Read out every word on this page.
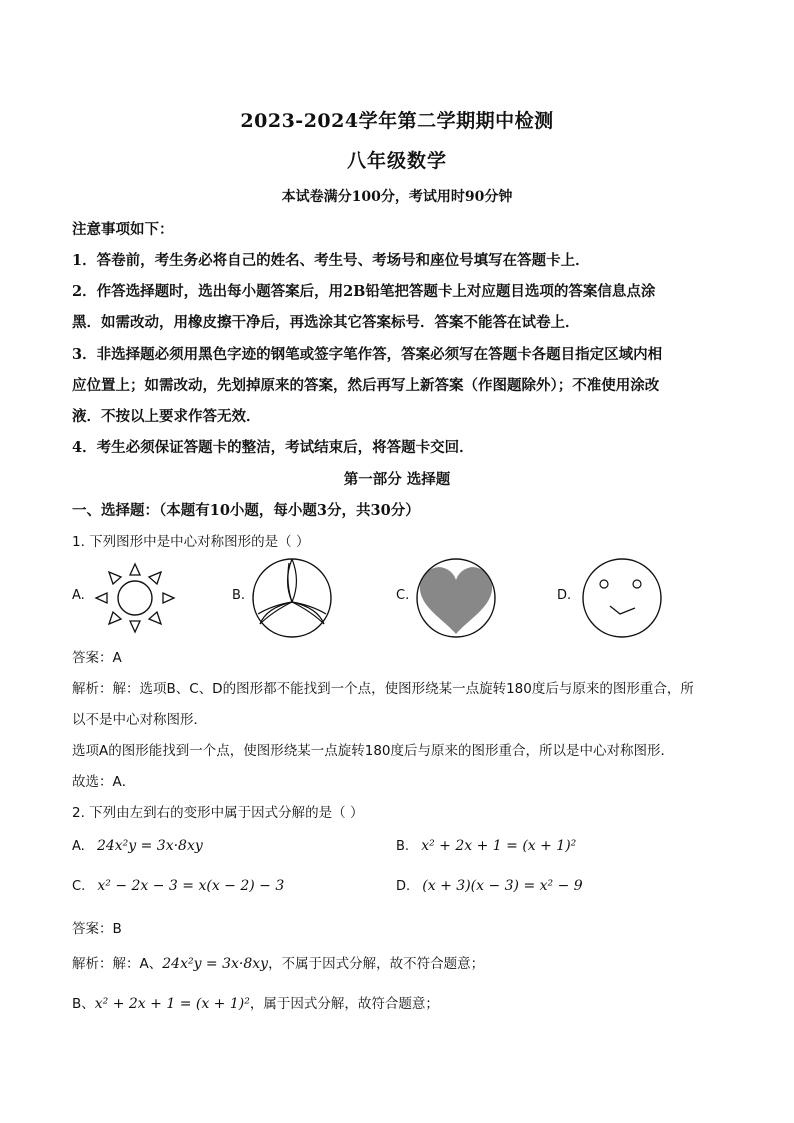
2023-2024学年第二学期期中检测
八年级数学
本试卷满分100分，考试用时90分钟
注意事项如下：
1．答卷前，考生务必将自己的姓名、考生号、考场号和座位号填写在答题卡上．
2．作答选择题时，选出每小题答案后，用2B铅笔把答题卡上对应题目选项的答案信息点涂
黑．如需改动，用橡皮擦干净后，再选涂其它答案标号．答案不能答在试卷上．
3．非选择题必须用黑色字迹的钢笔或签字笔作答，答案必须写在答题卡各题目指定区域内相
应位置上；如需改动，先划掉原来的答案，然后再写上新答案（作图题除外）；不准使用涂改
液．不按以上要求作答无效．
4．考生必须保证答题卡的整洁，考试结束后，将答题卡交回．
第一部分 选择题
一、选择题：（本题有10小题，每小题3分，共30分）
1. 下列图形中是中心对称图形的是（ ）
A.	B.	C.	D.
答案：A
解析：解：选项B、C、D的图形都不能找到一个点，使图形绕某一点旋转180度后与原来的图形重合，所
以不是中心对称图形．
选项A的图形能找到一个点，使图形绕某一点旋转180度后与原来的图形重合，所以是中心对称图形．
故选：A．
2. 下列由左到右的变形中属于因式分解的是（ ）
A. 24x²y = 3x·8xy	B. x² + 2x + 1 = (x + 1)²
C. x² − 2x − 3 = x(x − 2) − 3	D. (x + 3)(x − 3) = x² − 9
答案：B
解析：解：A、24x²y = 3x·8xy，不属于因式分解，故不符合题意；
B、x² + 2x + 1 = (x + 1)²，属于因式分解，故符合题意；
